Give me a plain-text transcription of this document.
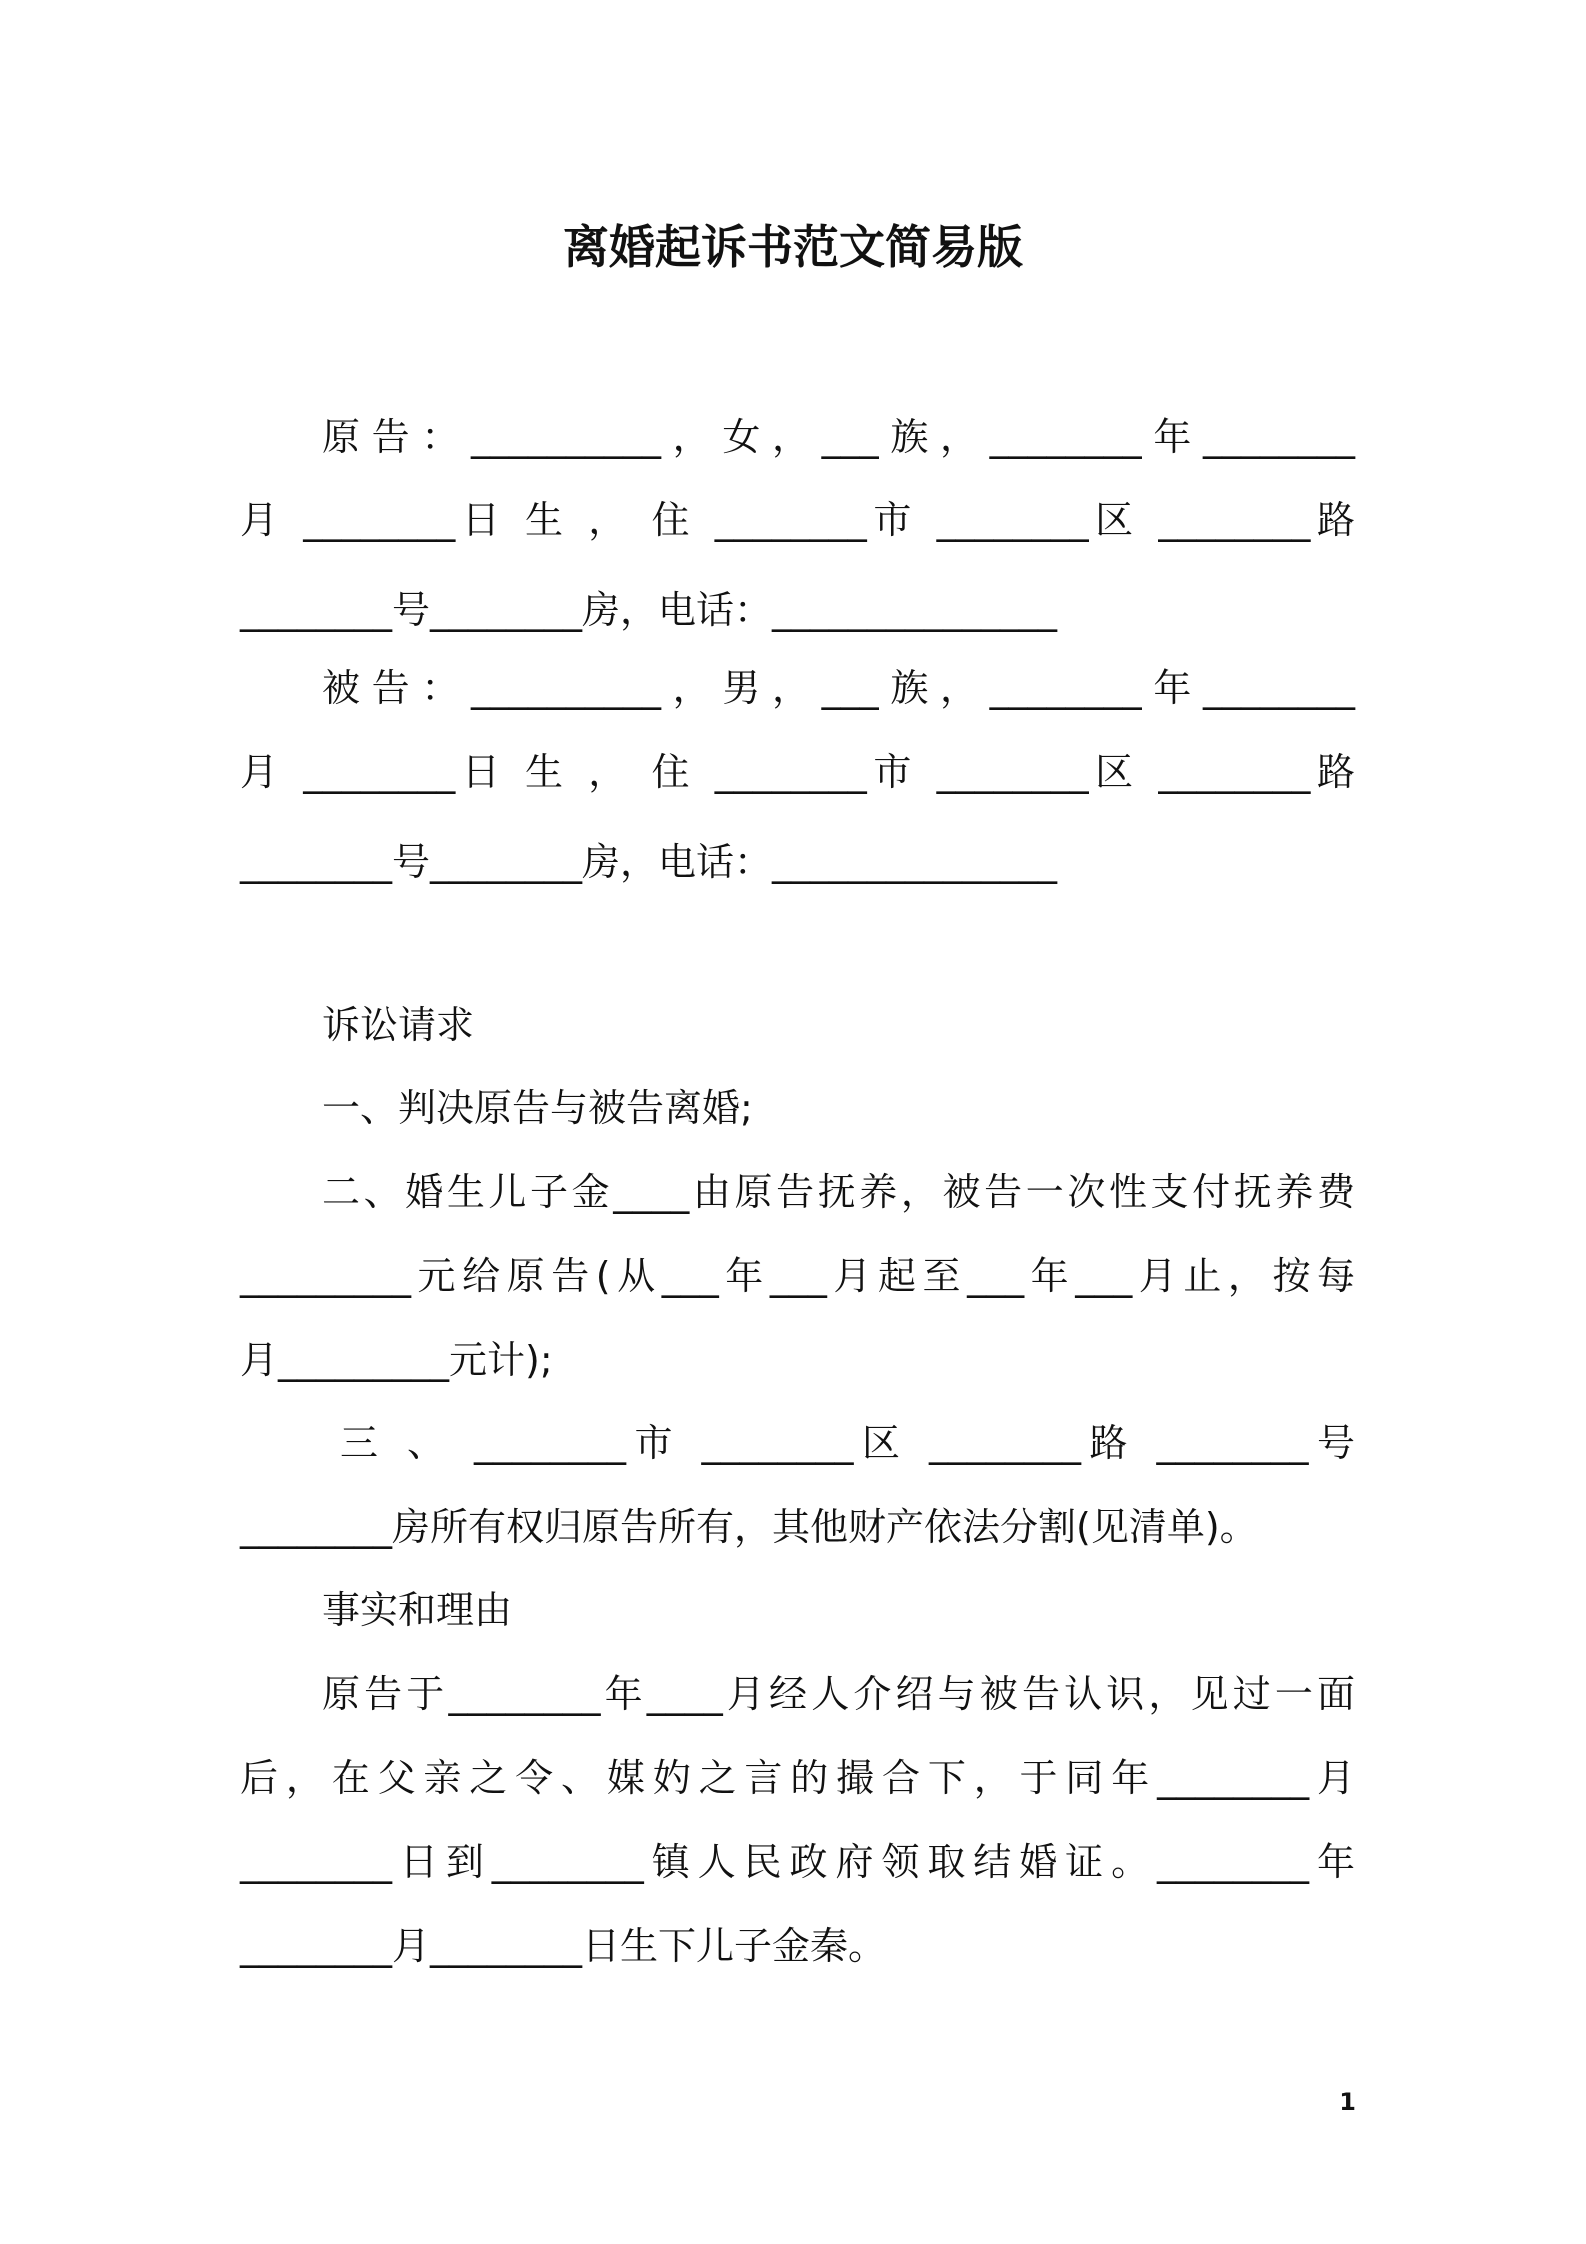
离婚起诉书范文简易版
原告：__________，女，___族，________年________
月 ________日 生 ， 住 ________市 ________区 ________路
________号________房，电话：_______________
被告：__________，男，___族，________年________
月 ________日 生 ， 住 ________市 ________区 ________路
________号________房，电话：_______________
诉讼请求
一、判决原告与被告离婚;
二、婚生儿子金____由原告抚养，被告一次性支付抚养费
_________元给原告(从___年___月起至___年___月止，按每
月_________元计);
三 、 ________市 ________区 ________路 ________号
________房所有权归原告所有，其他财产依法分割(见清单)。
事实和理由
原告于________年____月经人介绍与被告认识，见过一面
后，在父亲之令、媒妁之言的撮合下，于同年________月
________日到________镇人民政府领取结婚证。________年
________月________日生下儿子金秦。
1
